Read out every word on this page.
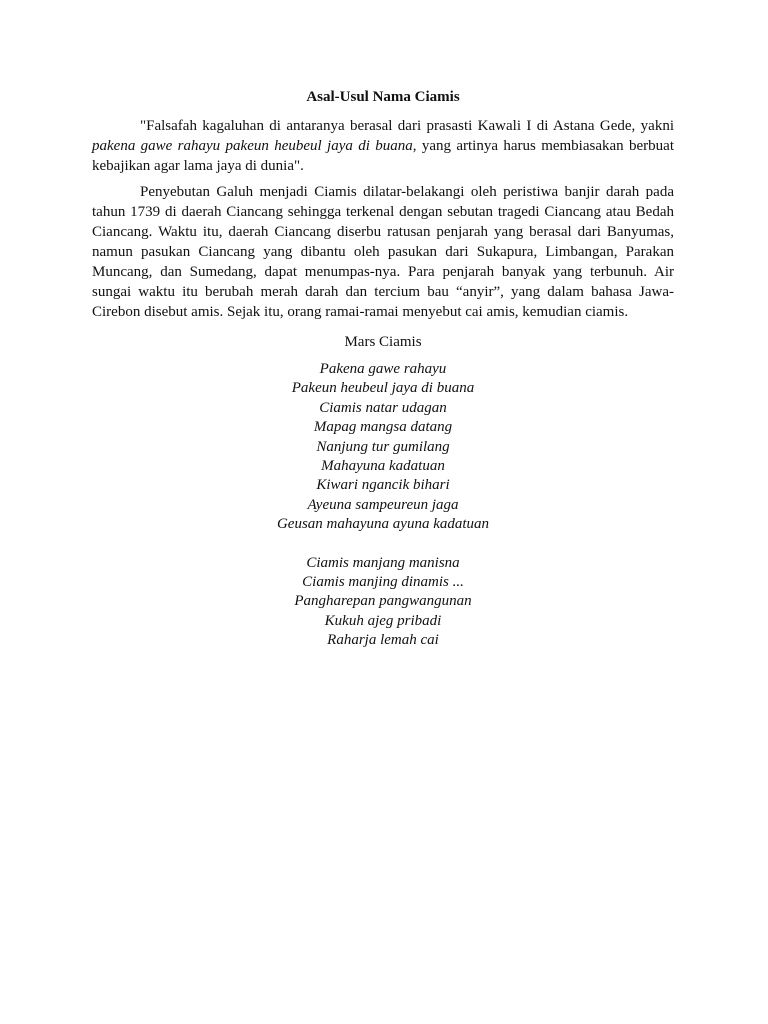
Asal-Usul Nama Ciamis

"Falsafah kagaluhan di antaranya berasal dari prasasti Kawali I di Astana Gede, yakni pakena gawe rahayu pakeun heubeul jaya di buana, yang artinya harus membiasakan berbuat kebajikan agar lama jaya di dunia".

Penyebutan Galuh menjadi Ciamis dilatar-belakangi oleh peristiwa banjir darah pada tahun 1739 di daerah Ciancang sehingga terkenal dengan sebutan tragedi Ciancang atau Bedah Ciancang. Waktu itu, daerah Ciancang diserbu ratusan penjarah yang berasal dari Banyumas, namun pasukan Ciancang yang dibantu oleh pasukan dari Sukapura, Limbangan, Parakan Muncang, dan Sumedang, dapat menumpas-nya. Para penjarah banyak yang terbunuh. Air sungai waktu itu berubah merah darah dan tercium bau “anyir”, yang dalam bahasa Jawa-Cirebon disebut amis. Sejak itu, orang ramai-ramai menyebut cai amis, kemudian ciamis.

Mars Ciamis
Pakena gawe rahayu
Pakeun heubeul jaya di buana
Ciamis natar udagan
Mapag mangsa datang
Nanjung tur gumilang
Mahayuna kadatuan
Kiwari ngancik bihari
Ayeuna sampeureun jaga
Geusan mahayuna ayuna kadatuan
Ciamis manjang manisna
Ciamis manjing dinamis ...
Pangharepan pangwangunan
Kukuh ajeg pribadi
Raharja lemah cai
